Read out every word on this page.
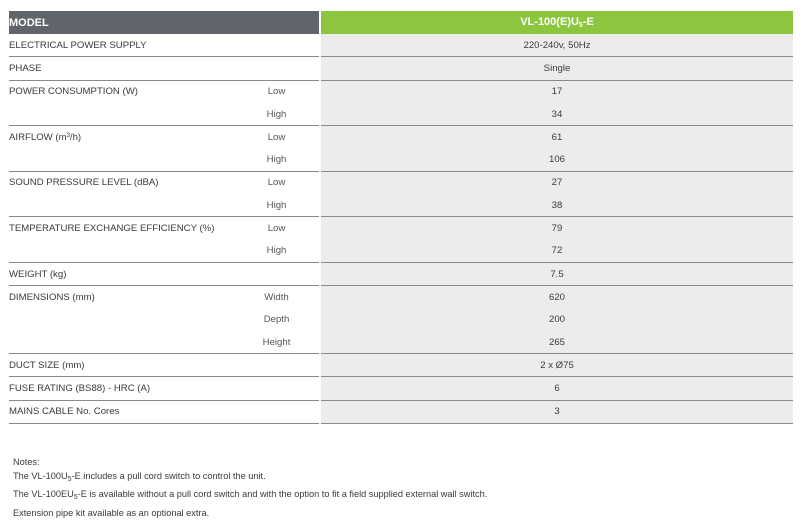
MODEL		$VL-100(E)U_5-E$
ELECTRICAL POWER SUPPLY		220-240v, 50Hz
PHASE		Single
POWER CONSUMPTION (W)	Low	17
	High	34
AIRFLOW $(m^3/h)$	Low	61
	High	106
SOUND PRESSURE LEVEL (dBA)	Low	27
	High	38
TEMPERATURE EXCHANGE EFFICIENCY (%)	Low	79
	High	72
WEIGHT (kg)		7.5
DIMENSIONS (mm)	Width	620
	Depth	200
	Height	265
DUCT SIZE (mm)		2 x Ø75
FUSE RATING (BS88) - HRC (A)		6
MAINS CABLE No. Cores		3
Notes:
The $VL-100U_5-E$ includes a pull cord switch to control the unit.
The $VL-100EU_5-E$ is available without a pull cord switch and with the option to fit a field supplied external wall switch.
Extension pipe kit available as an optional extra.
